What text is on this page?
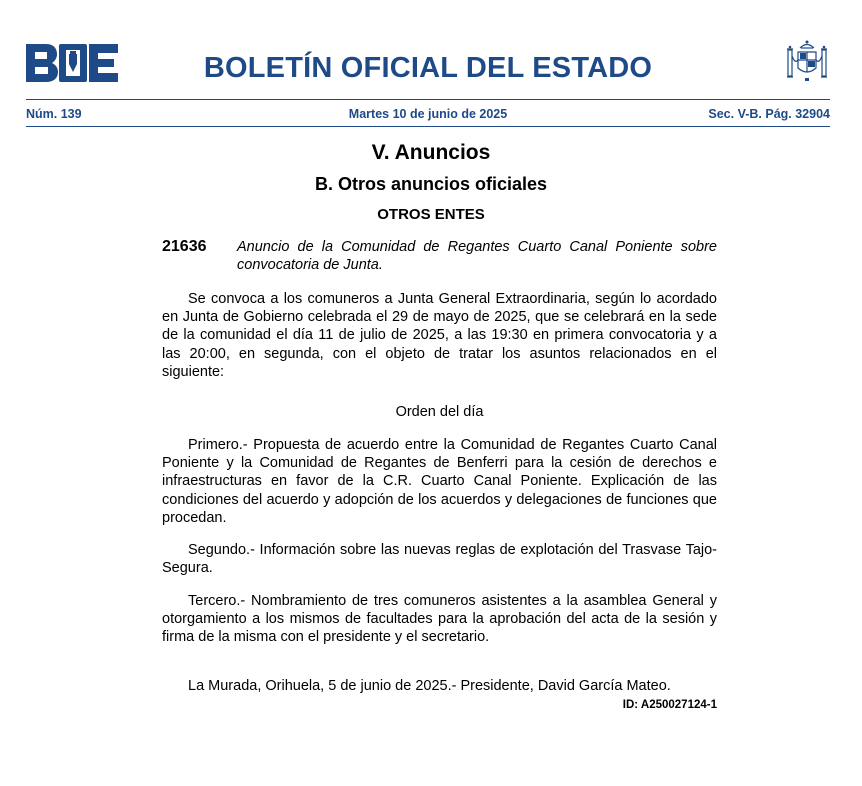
BOLETÍN OFICIAL DEL ESTADO
Núm. 139	Martes 10 de junio de 2025	Sec. V-B. Pág. 32904
V. Anuncios
B. Otros anuncios oficiales
OTROS ENTES
21636 Anuncio de la Comunidad de Regantes Cuarto Canal Poniente sobre convocatoria de Junta.

Se convoca a los comuneros a Junta General Extraordinaria, según lo acordado en Junta de Gobierno celebrada el 29 de mayo de 2025, que se celebrará en la sede de la comunidad el día 11 de julio de 2025, a las 19:30 en primera convocatoria y a las 20:00, en segunda, con el objeto de tratar los asuntos relacionados en el siguiente:

Orden del día

Primero.- Propuesta de acuerdo entre la Comunidad de Regantes Cuarto Canal Poniente y la Comunidad de Regantes de Benferri para la cesión de derechos e infraestructuras en favor de la C.R. Cuarto Canal Poniente. Explicación de las condiciones del acuerdo y adopción de los acuerdos y delegaciones de funciones que procedan.

Segundo.- Información sobre las nuevas reglas de explotación del Trasvase Tajo-Segura.

Tercero.- Nombramiento de tres comuneros asistentes a la asamblea General y otorgamiento a los mismos de facultades para la aprobación del acta de la sesión y firma de la misma con el presidente y el secretario.

La Murada, Orihuela, 5 de junio de 2025.- Presidente, David García Mateo.
ID: A250027124-1
